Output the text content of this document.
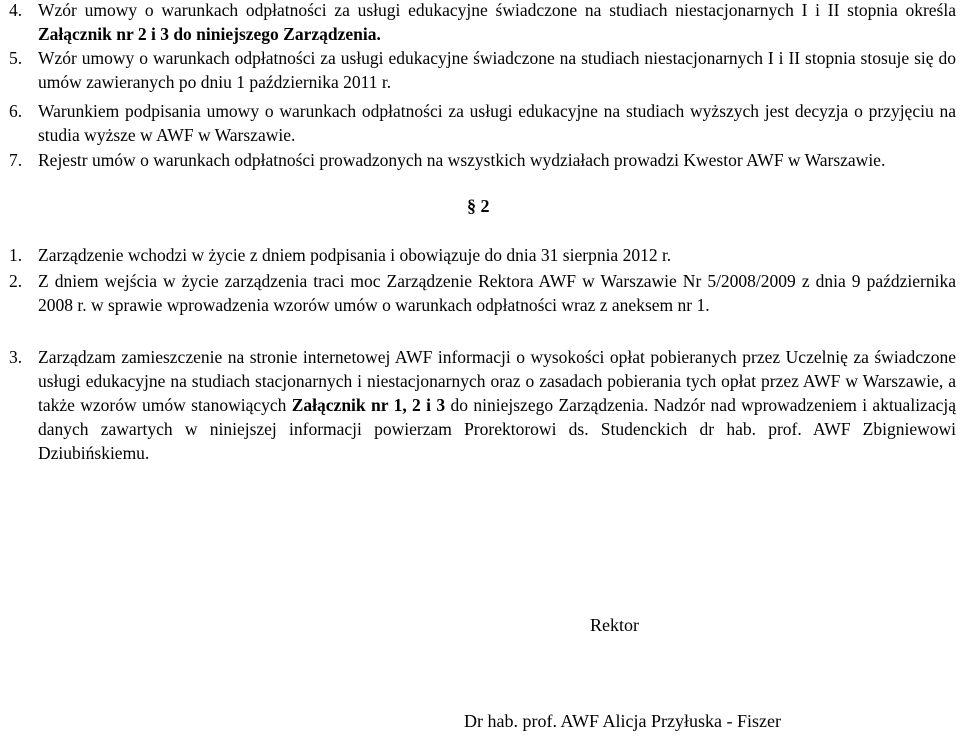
4. Wzór umowy o warunkach odpłatności za usługi edukacyjne świadczone na studiach niestacjonarnych I i II stopnia określa Załącznik nr 2 i 3 do niniejszego Zarządzenia.
5. Wzór umowy o warunkach odpłatności za usługi edukacyjne świadczone na studiach niestacjonarnych I i II stopnia stosuje się do umów zawieranych po dniu 1 października 2011 r.
6. Warunkiem podpisania umowy o warunkach odpłatności za usługi edukacyjne na studiach wyższych jest decyzja o przyjęciu na studia wyższe w AWF w Warszawie.
7. Rejestr umów o warunkach odpłatności prowadzonych na wszystkich wydziałach prowadzi Kwestor AWF w Warszawie.
§ 2
1. Zarządzenie wchodzi w życie z dniem podpisania i obowiązuje do dnia 31 sierpnia 2012 r.
2. Z dniem wejścia w życie zarządzenia traci moc Zarządzenie Rektora AWF w Warszawie Nr 5/2008/2009 z dnia 9 października 2008 r. w sprawie wprowadzenia wzorów umów o warunkach odpłatności wraz z aneksem nr 1.
3. Zarządzam zamieszczenie na stronie internetowej AWF informacji o wysokości opłat pobieranych przez Uczelnię za świadczone usługi edukacyjne na studiach stacjonarnych i niestacjonarnych oraz o zasadach pobierania tych opłat przez AWF w Warszawie, a także wzorów umów stanowiących Załącznik nr 1, 2 i 3 do niniejszego Zarządzenia. Nadzór nad wprowadzeniem i aktualizacją danych zawartych w niniejszej informacji powierzam Prorektorowi ds. Studenckich dr hab. prof. AWF Zbigniewowi Dziubińskiemu.
Rektor
Dr hab. prof. AWF Alicja Przyłuska - Fiszer
